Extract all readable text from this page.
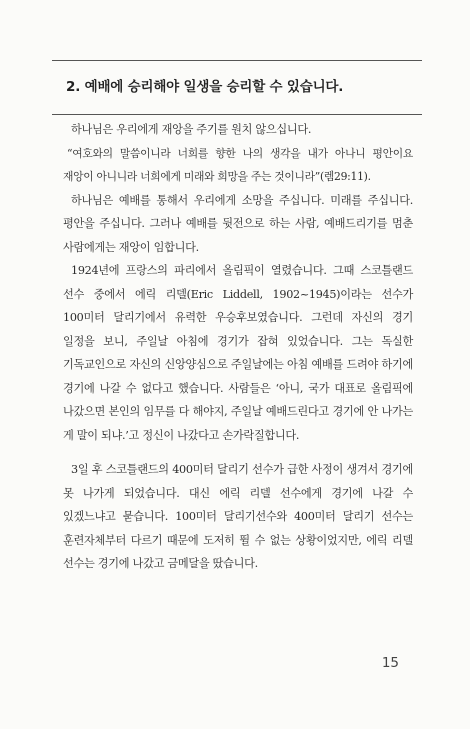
2. 예배에 승리해야 일생을 승리할 수 있습니다.

하나님은 우리에게 재앙을 주기를 원치 않으십니다.

“여호와의 말씀이니라 너희를 향한 나의 생각을 내가 아나니 평안이요 재앙이 아니니라 너희에게 미래와 희망을 주는 것이니라”(렘29:11).

하나님은 예배를 통해서 우리에게 소망을 주십니다. 미래를 주십니다. 평안을 주십니다. 그러나 예배를 뒷전으로 하는 사람, 예배드리기를 멈춘 사람에게는 재앙이 임합니다.

1924년에 프랑스의 파리에서 올림픽이 열렸습니다. 그때 스코틀랜드 선수 중에서 에릭 리델(Eric Liddell, 1902~1945)이라는 선수가 100미터 달리기에서 유력한 우승후보였습니다. 그런데 자신의 경기 일정을 보니, 주일날 아침에 경기가 잡혀 있었습니다. 그는 독실한 기독교인으로 자신의 신앙양심으로 주일날에는 아침 예배를 드려야 하기에 경기에 나갈 수 없다고 했습니다. 사람들은 ‘아니, 국가 대표로 올림픽에 나갔으면 본인의 임무를 다 해야지, 주일날 예배드린다고 경기에 안 나가는 게 말이 되냐.’고 정신이 나갔다고 손가락질합니다.

3일 후 스코틀랜드의 400미터 달리기 선수가 급한 사정이 생겨서 경기에 못 나가게 되었습니다. 대신 에릭 리델 선수에게 경기에 나갈 수 있겠느냐고 묻습니다. 100미터 달리기선수와 400미터 달리기 선수는 훈련자체부터 다르기 때문에 도저히 뛸 수 없는 상황이었지만, 에릭 리델 선수는 경기에 나갔고 금메달을 땄습니다.

15
